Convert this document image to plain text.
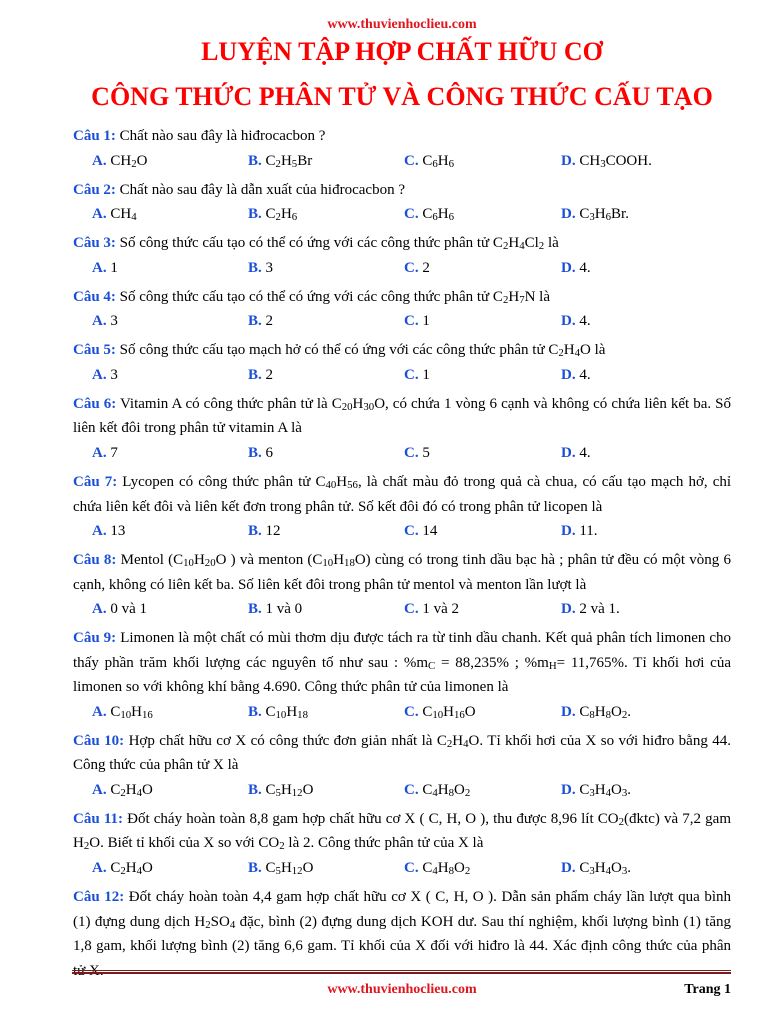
www.thuvienhoclieu.com
LUYỆN TẬP HỢP CHẤT HỮU CƠ
CÔNG THỨC PHÂN TỬ VÀ CÔNG THỨC CẤU TẠO

Câu 1: Chất nào sau đây là hiđrocacbon ?

A. $CH_2O$	B. $C_2H_5Br$	C. $C_6H_6$	D. $CH_3COOH$.

Câu 2: Chất nào sau đây là dẫn xuất của hiđrocacbon ?

A. $CH_4$	B. $C_2H_6$	C. $C_6H_6$	D. $C_3H_6Br$.

Câu 3: Số công thức cấu tạo có thể có ứng với các công thức phân tử $C_2H_4Cl_2$ là

A. 1	B. 3	C. 2	D. 4.

Câu 4: Số công thức cấu tạo có thể có ứng với các công thức phân tử $C_2H_7N$ là

A. 3	B. 2	C. 1	D. 4.

Câu 5: Số công thức cấu tạo mạch hở có thể có ứng với các công thức phân tử $C_2H_4O$ là

A. 3	B. 2	C. 1	D. 4.

Câu 6: Vitamin A có công thức phân tử là $C_{20}H_{30}O$, có chứa 1 vòng 6 cạnh và không có chứa liên kết ba. Số liên kết đôi trong phân tử vitamin A là

A. 7	B. 6	C. 5	D. 4.

Câu 7: Lycopen có công thức phân tử $C_{40}H_{56}$, là chất màu đỏ trong quả cà chua, có cấu tạo mạch hở, chỉ chứa liên kết đôi và liên kết đơn trong phân tử. Số kết đôi đó có trong phân tử licopen là

A. 13	B. 12	C. 14	D. 11.

Câu 8: Mentol ($C_{10}H_{20}O$ ) và menton $(C_{10}H_{18}O)$ cùng có trong tinh dầu bạc hà ; phân tử đều có một vòng 6 cạnh, không có liên kết ba. Số liên kết đôi trong phân tử mentol và menton lần lượt là

A. 0 và 1	B. 1 và 0	C. 1 và 2	D. 2 và 1.

Câu 9: Limonen là một chất có mùi thơm dịu được tách ra từ tinh dầu chanh. Kết quả phân tích limonen cho thấy phần trăm khối lượng các nguyên tố như sau : $\%m_C = 88,235\%$ ; $\%m_H= 11,765\%$. Tỉ khối hơi của limonen so với không khí bằng 4.690. Công thức phân tử của limonen là

A. $C_{10}H_{16}$	B. $C_{10}H_{18}$	C. $C_{10}H_{16}O$	D. $C_8H_8O_2$.

Câu 10: Hợp chất hữu cơ X có công thức đơn giản nhất là $C_2H_4O$. Tỉ khối hơi của X so với hiđro bằng 44. Công thức của phân tử X là

A. $C_2H_4O$	B. $C_5H_{12}O$	C. $C_4H_8O_2$	D. $C_3H_4O_3$.

Câu 11: Đốt cháy hoàn toàn 8,8 gam hợp chất hữu cơ X ( C, H, O ), thu được 8,96 lít $CO_2(đktc)$ và 7,2 gam $H_2O$. Biết tỉ khối của X so với $CO_2$ là 2. Công thức phân tử của X là

A. $C_2H_4O$	B. $C_5H_{12}O$	C. $C_4H_8O_2$	D. $C_3H_4O_3$.

Câu 12: Đốt cháy hoàn toàn 4,4 gam hợp chất hữu cơ X ( C, H, O ). Dẫn sản phẩm cháy lần lượt qua bình (1) đựng dung dịch $H_2SO_4$ đặc, bình (2) đựng dung dịch KOH dư. Sau thí nghiệm, khối lượng bình (1) tăng 1,8 gam, khối lượng bình (2) tăng 6,6 gam. Tỉ khối của X đối với hiđro là 44. Xác định công thức của phân tử X.

www.thuvienhoclieu.com	Trang 1
